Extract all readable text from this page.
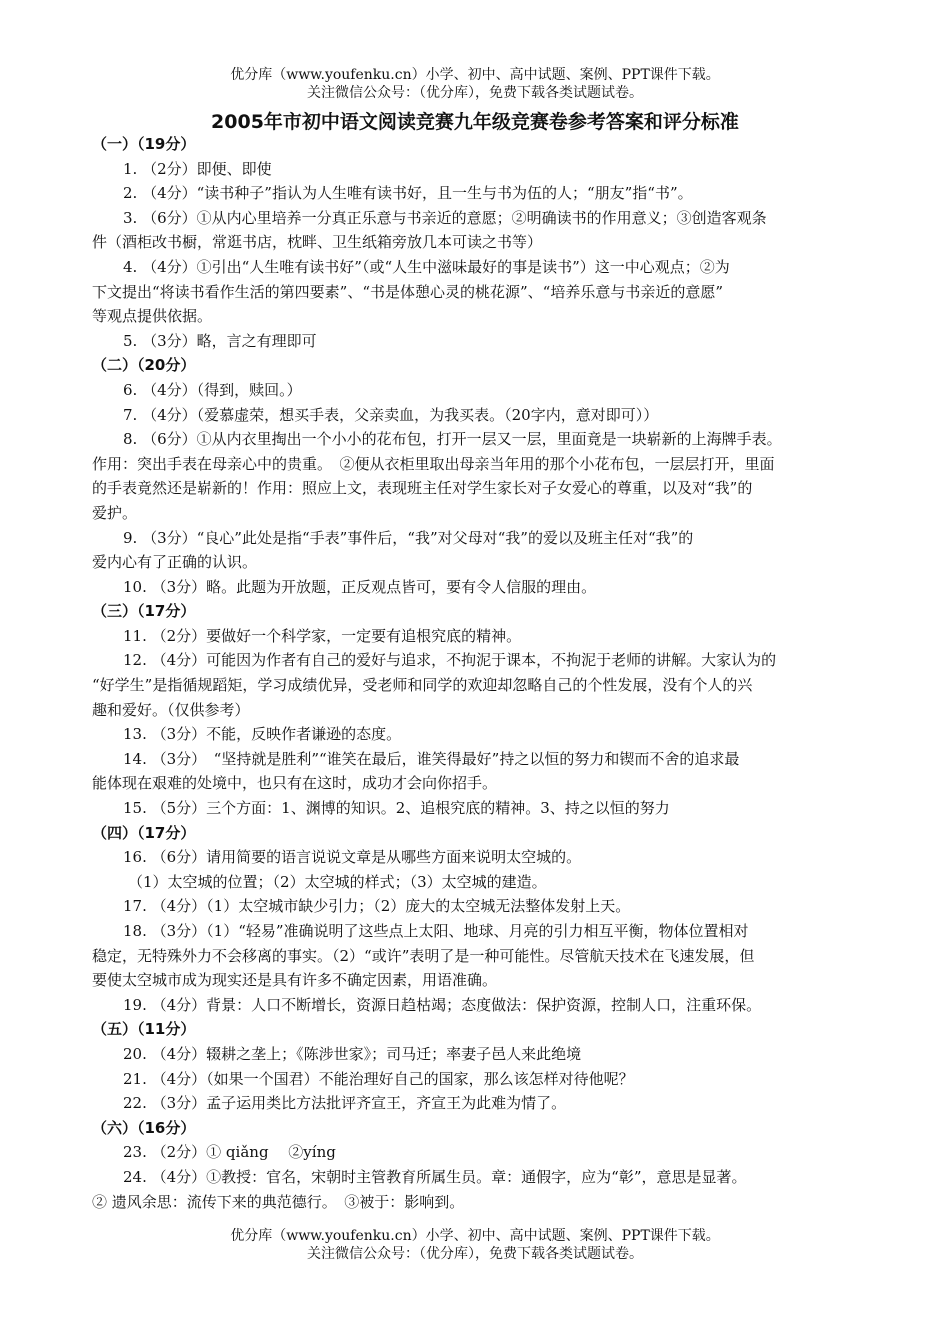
优分库（www.youfenku.cn）小学、初中、高中试题、案例、PPT课件下载。
关注微信公众号：（优分库），免费下载各类试题试卷。
2005年市初中语文阅读竞赛九年级竞赛卷参考答案和评分标准
（一）（19分）
1. （2分）即便、即使
2. （4分）“读书种子”指认为人生唯有读书好，且一生与书为伍的人；“朋友”指“书”。
3. （6分）①从内心里培养一分真正乐意与书亲近的意愿；②明确读书的作用意义；③创造客观条
件（酒柜改书橱，常逛书店，枕畔、卫生纸箱旁放几本可读之书等）
4. （4分）①引出“人生唯有读书好”（或“人生中滋味最好的事是读书”）这一中心观点；②为
下文提出“将读书看作生活的第四要素”、“书是体憩心灵的桃花源”、“培养乐意与书亲近的意愿”
等观点提供依据。
5. （3分）略，言之有理即可
（二）（20分）
6. （4分）（得到，赎回。）
7. （4分）（爱慕虚荣，想买手表，父亲卖血，为我买表。（20字内，意对即可））
8. （6分）①从内衣里掏出一个小小的花布包，打开一层又一层，里面竟是一块崭新的上海牌手表。
作用：突出手表在母亲心中的贵重。　②便从衣柜里取出母亲当年用的那个小花布包，一层层打开，里面
的手表竟然还是崭新的！作用：照应上文，表现班主任对学生家长对子女爱心的尊重，以及对“我”的
爱护。
9. （3分）“良心”此处是指“手表”事件后，“我”对父母对“我”的爱以及班主任对“我”的
爱内心有了正确的认识。
10. （3分）略。此题为开放题，正反观点皆可，要有令人信服的理由。
（三）（17分）
11. （2分）要做好一个科学家，一定要有追根究底的精神。
12. （4分）可能因为作者有自己的爱好与追求，不拘泥于课本，不拘泥于老师的讲解。大家认为的
“好学生”是指循规蹈矩，学习成绩优异，受老师和同学的欢迎却忽略自己的个性发展，没有个人的兴
趣和爱好。（仅供参考）
13. （3分）不能，反映作者谦逊的态度。
14. （3分）　“坚持就是胜利”“谁笑在最后，谁笑得最好”持之以恒的努力和锲而不舍的追求最
能体现在艰难的处境中，也只有在这时，成功才会向你招手。
15. （5分）三个方面：1、渊博的知识。2、追根究底的精神。3、持之以恒的努力
（四）（17分）
16. （6分）请用简要的语言说说文章是从哪些方面来说明太空城的。
（1）太空城的位置；（2）太空城的样式；（3）太空城的建造。
17. （4分）（1）太空城市缺少引力；（2）庞大的太空城无法整体发射上天。
18. （3分）（1）“轻易”准确说明了这些点上太阳、地球、月亮的引力相互平衡，物体位置相对
稳定，无特殊外力不会移离的事实。（2）“或许”表明了是一种可能性。尽管航天技术在飞速发展，但
要使太空城市成为现实还是具有许多不确定因素，用语准确。
19. （4分）背景：人口不断增长，资源日趋枯竭；态度做法：保护资源，控制人口，注重环保。
（五）（11分）
20. （4分）辍耕之垄上；《陈涉世家》；司马迁；率妻子邑人来此绝境
21. （4分）（如果一个国君）不能治理好自己的国家，那么该怎样对待他呢？
22. （3分）孟子运用类比方法批评齐宣王，齐宣王为此难为情了。
（六）（16分）
23. （2分）① qiǎng　 ②yíng
24. （4分）①教授：官名，宋朝时主管教育所属生员。章：通假字，应为“彰”，意思是显著。
② 遗风余思：流传下来的典范德行。　③被于：影响到。
优分库（www.youfenku.cn）小学、初中、高中试题、案例、PPT课件下载。
关注微信公众号：（优分库），免费下载各类试题试卷。
